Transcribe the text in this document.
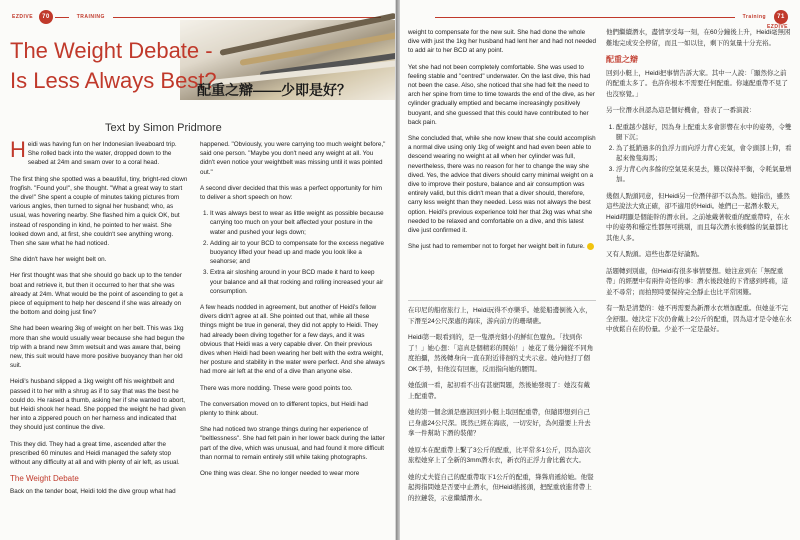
EZDIVE 70	TRAINING
The Weight Debate -
Is Less Always Best?
配重之辯——少即是好？
Text by Simon Pridmore

Heidi was having fun on her Indonesian liveaboard trip. She rolled back into the water, dropped down to the seabed at 24m and swam over to a coral head.

The first thing she spotted was a beautiful, tiny, bright-red clown frogfish. "Found you!", she thought. "What a great way to start the dive!" She spent a couple of minutes taking pictures from various angles, then turned to signal her husband; who, as usual, was hovering nearby. She flashed him a quick OK, but instead of responding in kind, he pointed to her waist. She looked down and, at first, she couldn't see anything wrong. Then she saw what he had noticed.

She didn't have her weight belt on.

Her first thought was that she should go back up to the tender boat and retrieve it, but then it occurred to her that she was already at 24m. What would be the point of ascending to get a piece of equipment to help her descend if she was already on the bottom and doing just fine?

She had been wearing 3kg of weight on her belt. This was 1kg more than she would usually wear because she had begun the trip with a brand new 3mm wetsuit and was aware that, being new, this suit would have more positive buoyancy than her old suit.

Heidi's husband slipped a 1kg weight off his weightbelt and passed it to her with a shrug as if to say that was the best he could do. He raised a thumb, asking her if she wanted to abort, but Heidi shook her head. She popped the weight he had given her into a zippered pouch on her harness and indicated that they should just continue the dive.

This they did. They had a great time, ascended after the prescribed 60 minutes and Heidi managed the safety stop without any difficulty at all and with plenty of air left, as usual.

The Weight Debate

Back on the tender boat, Heidi told the dive group what had

happened. "Obviously, you were carrying too much weight before," said one person. "Maybe you don't need any weight at all. You didn't even notice your weightbelt was missing until it was pointed out."

A second diver decided that this was a perfect opportunity for him to deliver a short speech on how:

1. It was always best to wear as little weight as possible because carrying too much on your belt affected your posture in the water and pushed your legs down;
2. Adding air to your BCD to compensate for the excess negative buoyancy lifted your head up and made you look like a seahorse; and
3. Extra air sloshing around in your BCD made it hard to keep your balance and all that rocking and rolling increased your air consumption.

A few heads nodded in agreement, but another of Heidi's fellow divers didn't agree at all. She pointed out that, while all these things might be true in general, they did not apply to Heidi. They had already been diving together for a few days, and it was obvious that Heidi was a very capable diver. On their previous dives when Heidi had been wearing her belt with the extra weight, her posture and stability in the water were perfect. And she always had more air left at the end of a dive than anyone else.

There was more nodding. These were good points too.

The conversation moved on to different topics, but Heidi had plenty to think about.

She had noticed two strange things during her experience of "beltlessness". She had felt pain in her lower back during the latter part of the dive, which was unusual, and had found it more difficult than normal to remain entirely still while taking photographs.

One thing was clear. She no longer needed to wear more

Training 71 EZDIVE

weight to compensate for the new suit. She had done the whole dive with just the 1kg her husband had lent her and had not needed to add air to her BCD at any point.

Yet she had not been completely comfortable. She was used to feeling stable and "centred" underwater. On the last dive, this had not been the case. Also, she noticed that she had felt the need to arch her spine from time to time towards the end of the dive, as her cylinder gradually emptied and became increasingly positively buoyant, and she guessed that this could have contributed to her back pain.

She concluded that, while she now knew that she could accomplish a normal dive using only 1kg of weight and had even been able to descend wearing no weight at all when her cylinder was full, nevertheless, there was no reason for her to change the way she dived. Yes, the advice that divers should carry minimal weight on a dive to improve their posture, balance and air consumption was entirely valid, but this didn't mean that a diver should, therefore, carry less weight than they needed. Less was not always the best option. Heidi's previous experience told her that 2kg was what she needed to be relaxed and comfortable on a dive, and this latest dive just confirmed it.

She just had to remember not to forget her weight belt in future.

在印尼的船宿旅行上，Heidi玩得不亦樂乎。她從船邊倒後入水，下潛至24公尺深處的海床，游向前方的珊瑚礁。

Heidi第一眼看到的，是一隻漂亮細小的鮮紅色躄魚。「找到你了！」她心想：「這真是個精彩的開始！」她花了幾分鐘從不同角度拍攝，然後轉身向一直在附近徘徊的丈夫示意。她向他打了個OK手勢，但他沒有回應，反而指向她的腰間。

她低頭一看，起初看不出有甚麼問題，然後她發現了：她沒有戴上配重帶。

她的第一個念頭是應該回到小艇上取回配重帶，但隨即想到自己已身處24公尺深。既然已經在海底，一切安好，為何還要上升去拿一件幫助下潛的裝備？

她原本在配重帶上繫了3公斤的配重，比平常多1公斤，因為這次旅程她穿上了全新的3mm潛水衣，新衣的正浮力會比舊衣大。

她的丈夫從自己的配重帶取下1公斤的配重，聳聳肩遞給她。他豎起拇指問她是否要中止潛水，但Heidi搖搖頭，把配重放進背帶上的拉鏈袋，示意繼續潛水。

他們繼續潛水，盡情享受每一刻，在60分鐘後上升，Heidi毫無困難地完成安全停留，而且一如以往，剩下的氣量十分充裕。

配重之辯

回到小艇上，Heidi把事情告訴大家。其中一人說：「顯然你之前的配重太多了。也許你根本不需要任何配重。你連配重帶不見了也沒察覺。」

另一位潛水員認為這是個好機會，發表了一番演說：

1. 配重越少越好，因為身上配重太多會影響在水中的姿勢，令雙腿下沉；
2. 為了抵銷過多的負浮力而向浮力背心充氣，會令頭部上仰，看起來像隻海馬；
3. 浮力背心內多餘的空氣晃來晃去，難以保持平衡，令耗氣量增加。

幾個人點頭同意，但Heidi另一位潛伴卻不以為然。她指出，雖然這些說法大致正確，卻不適用於Heidi。她們已一起潛水數天，Heidi明顯是個能幹的潛水員。之前她戴著較重的配重帶時，在水中的姿勢和穩定性都無可挑剔，而且每次潛水後剩餘的氣量都比其他人多。

又有人點頭。這些也都是好論點。

話題轉到別處，但Heidi有很多事情要想。她注意到在「無配重帶」的經歷中有兩件奇怪的事：潛水後段她的下背感到疼痛，這並不尋常；而拍照時要保持完全靜止也比平常困難。

有一點是清楚的：她不再需要為新潛水衣增加配重。但她並不完全舒服。她決定下次仍會戴上2公斤的配重，因為這才是令她在水中放鬆自在的份量。少並不一定是最好。
